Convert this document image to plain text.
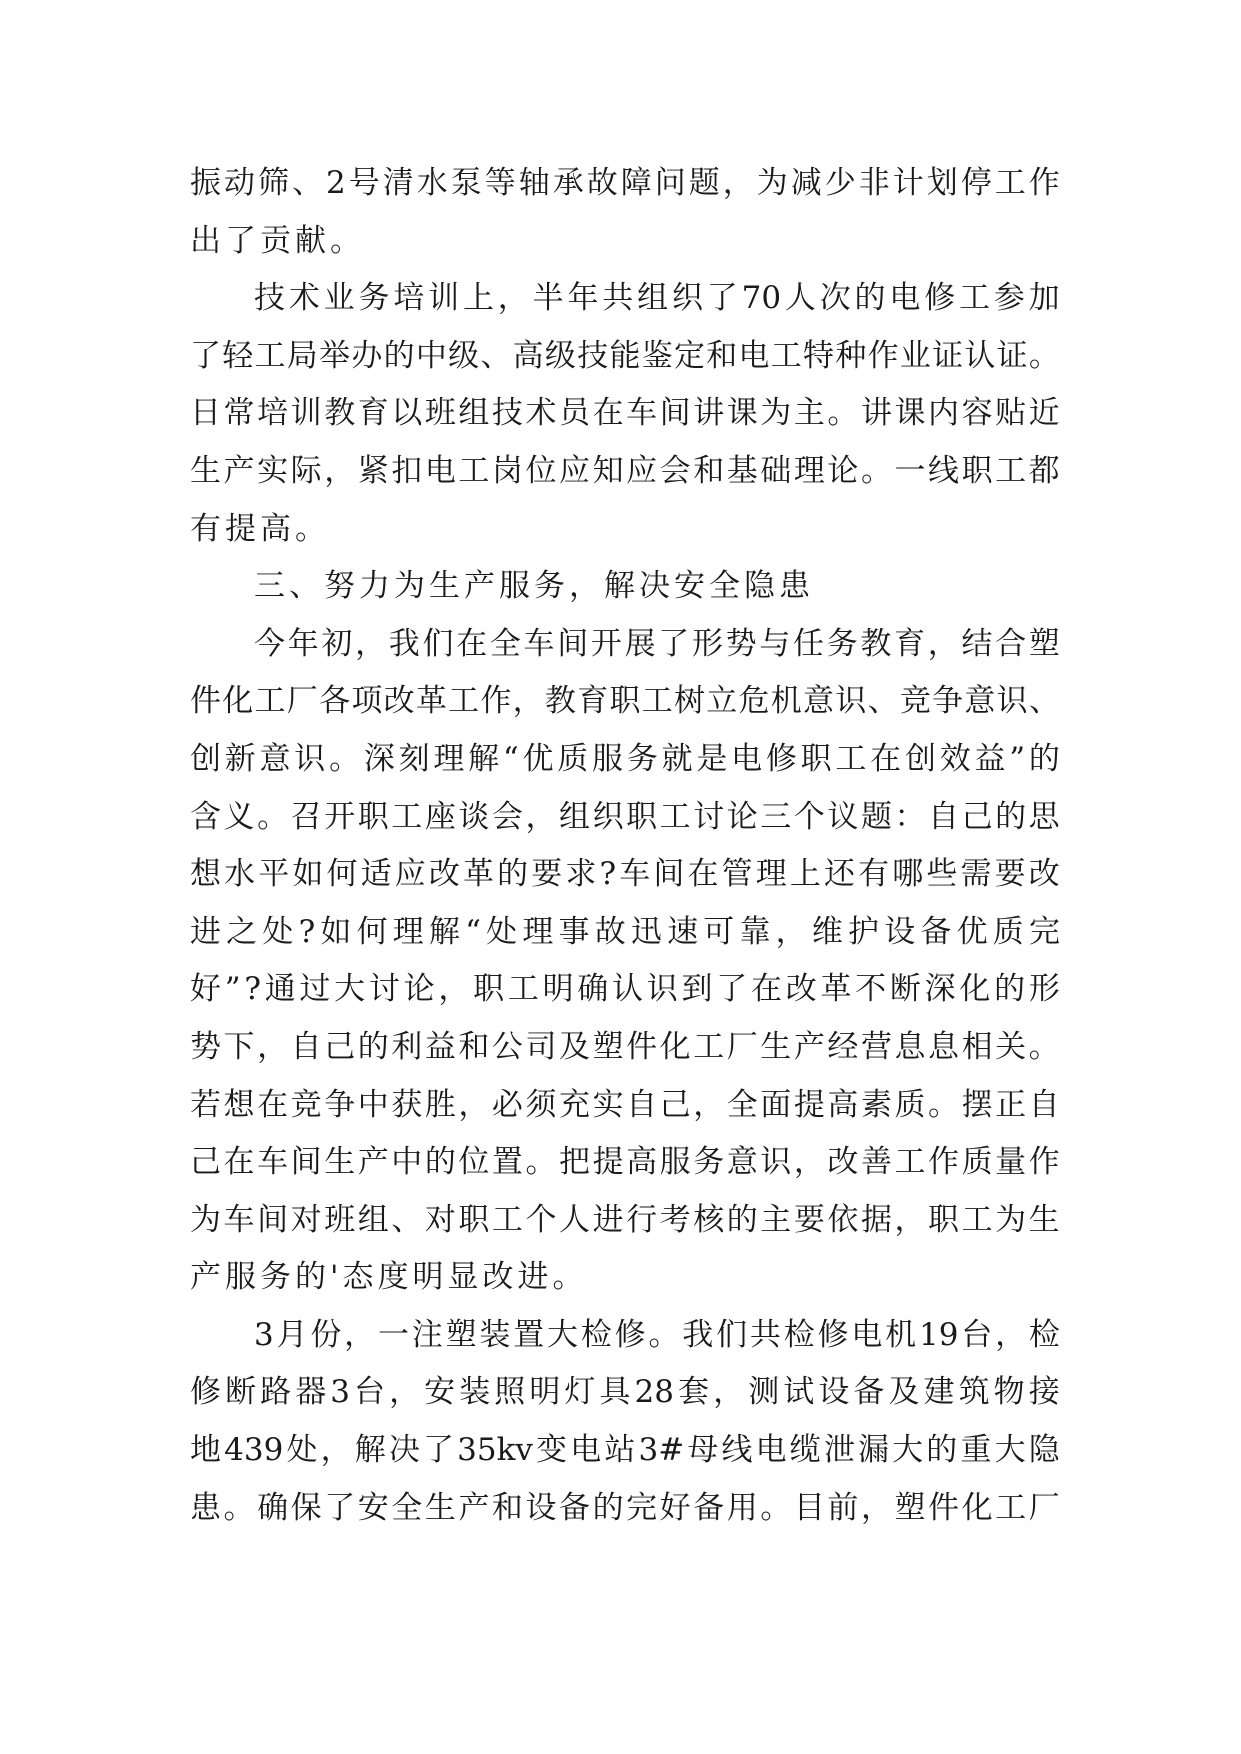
振 动 筛 、 2 号 清 水 泵 等 轴 承 故 障 问 题 ， 为 减 少 非 计 划 停 工 作
出了贡献。
技 术 业 务 培 训 上 ， 半 年 共 组 织 了 70 人 次 的 电 修 工 参 加
了 轻 工 局 举 办 的 中 级 、 高 级 技 能 鉴 定 和 电 工 特 种 作 业 证 认 证 。
日 常 培 训 教 育 以 班 组 技 术 员 在 车 间 讲 课 为 主 。 讲 课 内 容 贴 近
生 产 实 际 ， 紧 扣 电 工 岗 位 应 知 应 会 和 基 础 理 论 。 一 线 职 工 都
有提高。
三、努力为生产服务，解决安全隐患
今 年 初 ， 我 们 在 全 车 间 开 展 了 形 势 与 任 务 教 育 ， 结 合 塑
件 化 工 厂 各 项 改 革 工 作 ， 教 育 职 工 树 立 危 机 意 识 、 竞 争 意 识 、
创 新 意 识 。 深 刻 理 解 “ 优 质 服 务 就 是 电 修 职 工 在 创 效 益 ” 的
含 义 。 召 开 职 工 座 谈 会 ， 组 织 职 工 讨 论 三 个 议 题 ： 自 己 的 思
想 水 平 如 何 适 应 改 革 的 要 求 ? 车 间 在 管 理 上 还 有 哪 些 需 要 改
进 之 处 ? 如 何 理 解 “ 处 理 事 故 迅 速 可 靠 ， 维 护 设 备 优 质 完
好 ” ? 通 过 大 讨 论 ， 职 工 明 确 认 识 到 了 在 改 革 不 断 深 化 的 形
势 下 ， 自 己 的 利 益 和 公 司 及 塑 件 化 工 厂 生 产 经 营 息 息 相 关 。
若 想 在 竞 争 中 获 胜 ， 必 须 充 实 自 己 ， 全 面 提 高 素 质 。 摆 正 自
己 在 车 间 生 产 中 的 位 置 。 把 提 高 服 务 意 识 ， 改 善 工 作 质 量 作
为 车 间 对 班 组 、 对 职 工 个 人 进 行 考 核 的 主 要 依 据 ， 职 工 为 生
产服务的'态度明显改进。
3 月 份 ， 一 注 塑 装 置 大 检 修 。 我 们 共 检 修 电 机 19 台 ， 检
修 断 路 器 3 台 ， 安 装 照 明 灯 具 28 套 ， 测 试 设 备 及 建 筑 物 接
地 439 处 ， 解 决 了 35kv 变 电 站 3# 母 线 电 缆 泄 漏 大 的 重 大 隐
患 。 确 保 了 安 全 生 产 和 设 备 的 完 好 备 用 。 目 前 ， 塑 件 化 工 厂
